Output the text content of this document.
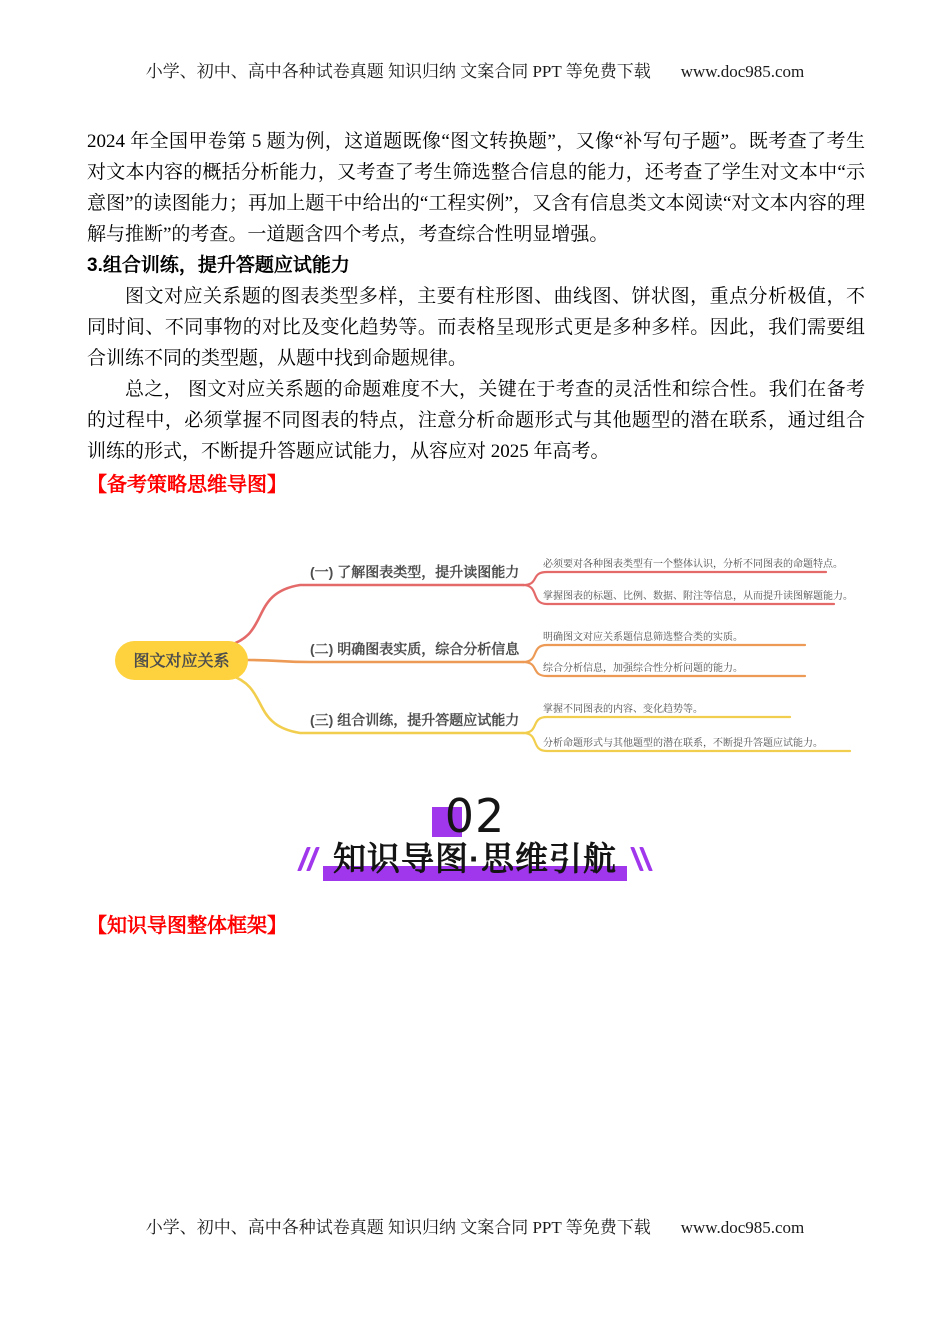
小学、初中、高中各种试卷真题 知识归纳 文案合同 PPT 等免费下载 www.doc985.com

2024 年全国甲卷第 5 题为例，这道题既像“图文转换题”，又像“补写句子题”。既考查了考生对文本内容的概括分析能力，又考查了考生筛选整合信息的能力，还考查了学生对文本中“示意图”的读图能力；再加上题干中给出的“工程实例”，又含有信息类文本阅读“对文本内容的理解与推断”的考查。一道题含四个考点，考查综合性明显增强。

3.组合训练，提升答题应试能力

图文对应关系题的图表类型多样，主要有柱形图、曲线图、饼状图，重点分析极值，不同时间、不同事物的对比及变化趋势等。而表格呈现形式更是多种多样。因此，我们需要组合训练不同的类型题，从题中找到命题规律。

总之， 图文对应关系题的命题难度不大，关键在于考查的灵活性和综合性。我们在备考的过程中，必须掌握不同图表的特点，注意分析命题形式与其他题型的潜在联系，通过组合训练的形式，不断提升答题应试能力，从容应对 2025 年高考。

【备考策略思维导图】
图文对应关系
(一) 了解图表类型，提升读图能力
(二) 明确图表实质，综合分析信息
(三) 组合训练，提升答题应试能力
必须要对各种图表类型有一个整体认识，分析不同图表的命题特点。
掌握图表的标题、比例、数据、附注等信息，从而提升读图解题能力。
明确图文对应关系题信息筛选整合类的实质。
综合分析信息，加强综合性分析问题的能力。
掌握不同图表的内容、变化趋势等。
分析命题形式与其他题型的潜在联系，不断提升答题应试能力。
02
知识导图·思维引航
【知识导图整体框架】
小学、初中、高中各种试卷真题 知识归纳 文案合同 PPT 等免费下载 www.doc985.com
